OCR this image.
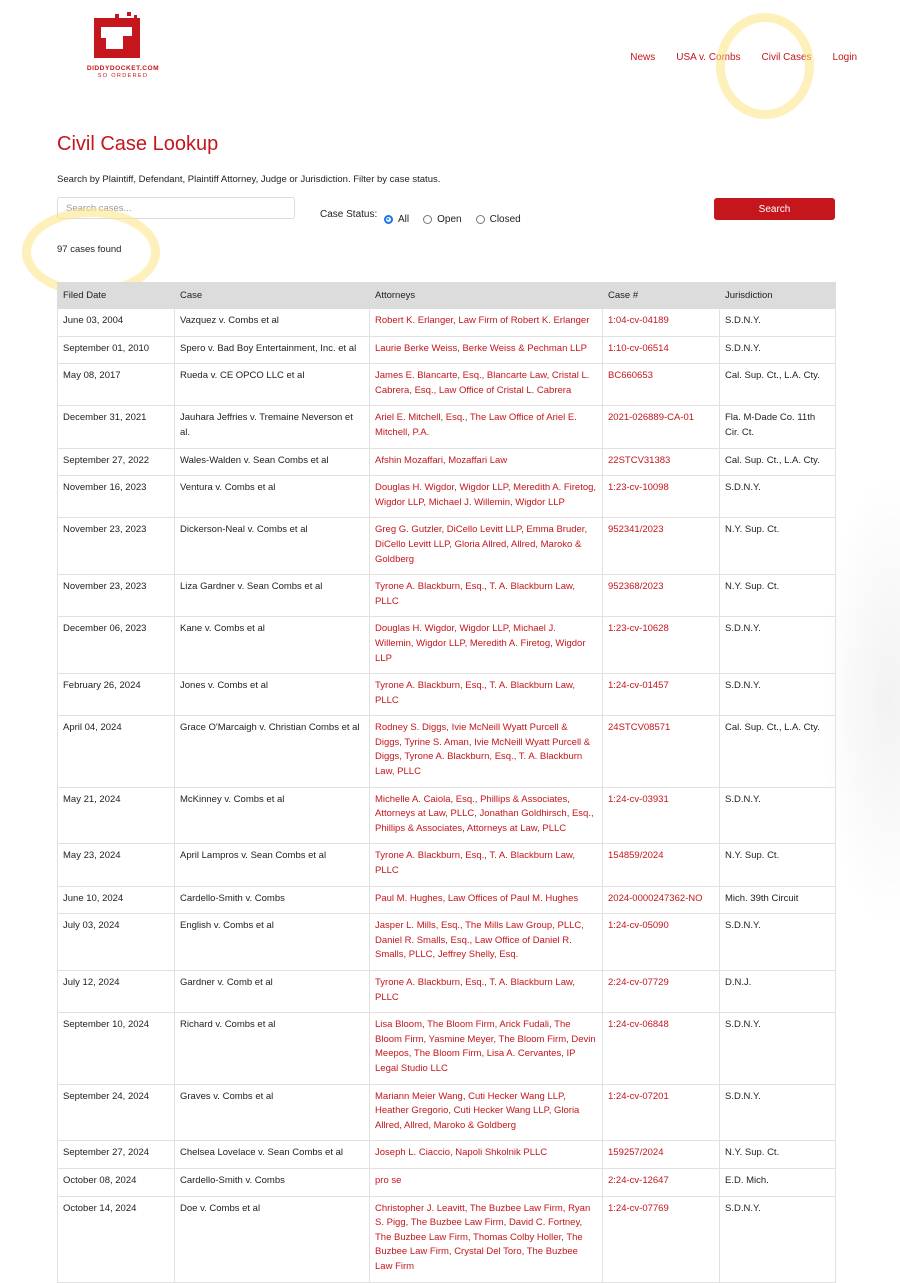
DIDDYDOCKET.COM
SO ORDERED
News USA v. Combs Civil Cases Login
Civil Case Lookup
Search by Plaintiff, Defendant, Plaintiff Attorney, Judge or Jurisdiction. Filter by case status.
Search cases...
Case Status: All	Open	Closed
Search
97 cases found
Filed Date	Case	Attorneys	Case #	Jurisdiction
June 03, 2004	Vazquez v. Combs et al	Robert K. Erlanger, Law Firm of Robert K. Erlanger	1:04-cv-04189	S.D.N.Y.
September 01, 2010	Spero v. Bad Boy Entertainment, Inc. et al	Laurie Berke Weiss, Berke Weiss & Pechman LLP	1:10-cv-06514	S.D.N.Y.
May 08, 2017	Rueda v. CE OPCO LLC et al	James E. Blancarte, Esq., Blancarte Law, Cristal L. Cabrera, Esq., Law Office of Cristal L. Cabrera	BC660653	Cal. Sup. Ct., L.A. Cty.
December 31, 2021	Jauhara Jeffries v. Tremaine Neverson et al.	Ariel E. Mitchell, Esq., The Law Office of Ariel E. Mitchell, P.A.	2021-026889-CA-01	Fla. M-Dade Co. 11th Cir. Ct.
September 27, 2022	Wales-Walden v. Sean Combs et al	Afshin Mozaffari, Mozaffari Law	22STCV31383	Cal. Sup. Ct., L.A. Cty.
November 16, 2023	Ventura v. Combs et al	Douglas H. Wigdor, Wigdor LLP, Meredith A. Firetog, Wigdor LLP, Michael J. Willemin, Wigdor LLP	1:23-cv-10098	S.D.N.Y.
November 23, 2023	Dickerson-Neal v. Combs et al	Greg G. Gutzler, DiCello Levitt LLP, Emma Bruder, DiCello Levitt LLP, Gloria Allred, Allred, Maroko & Goldberg	952341/2023	N.Y. Sup. Ct.
November 23, 2023	Liza Gardner v. Sean Combs et al	Tyrone A. Blackburn, Esq., T. A. Blackburn Law, PLLC	952368/2023	N.Y. Sup. Ct.
December 06, 2023	Kane v. Combs et al	Douglas H. Wigdor, Wigdor LLP, Michael J. Willemin, Wigdor LLP, Meredith A. Firetog, Wigdor LLP	1:23-cv-10628	S.D.N.Y.
February 26, 2024	Jones v. Combs et al	Tyrone A. Blackburn, Esq., T. A. Blackburn Law, PLLC	1:24-cv-01457	S.D.N.Y.
April 04, 2024	Grace O'Marcaigh v. Christian Combs et al	Rodney S. Diggs, Ivie McNeill Wyatt Purcell & Diggs, Tyrine S. Aman, Ivie McNeill Wyatt Purcell & Diggs, Tyrone A. Blackburn, Esq., T. A. Blackburn Law, PLLC	24STCV08571	Cal. Sup. Ct., L.A. Cty.
May 21, 2024	McKinney v. Combs et al	Michelle A. Caiola, Esq., Phillips & Associates, Attorneys at Law, PLLC, Jonathan Goldhirsch, Esq., Phillips & Associates, Attorneys at Law, PLLC	1:24-cv-03931	S.D.N.Y.
May 23, 2024	April Lampros v. Sean Combs et al	Tyrone A. Blackburn, Esq., T. A. Blackburn Law, PLLC	154859/2024	N.Y. Sup. Ct.
June 10, 2024	Cardello-Smith v. Combs	Paul M. Hughes, Law Offices of Paul M. Hughes	2024-0000247362-NO	Mich. 39th Circuit
July 03, 2024	English v. Combs et al	Jasper L. Mills, Esq., The Mills Law Group, PLLC, Daniel R. Smalls, Esq., Law Office of Daniel R. Smalls, PLLC, Jeffrey Shelly, Esq.	1:24-cv-05090	S.D.N.Y.
July 12, 2024	Gardner v. Comb et al	Tyrone A. Blackburn, Esq., T. A. Blackburn Law, PLLC	2:24-cv-07729	D.N.J.
September 10, 2024	Richard v. Combs et al	Lisa Bloom, The Bloom Firm, Arick Fudali, The Bloom Firm, Yasmine Meyer, The Bloom Firm, Devin Meepos, The Bloom Firm, Lisa A. Cervantes, IP Legal Studio LLC	1:24-cv-06848	S.D.N.Y.
September 24, 2024	Graves v. Combs et al	Mariann Meier Wang, Cuti Hecker Wang LLP, Heather Gregorio, Cuti Hecker Wang LLP, Gloria Allred, Allred, Maroko & Goldberg	1:24-cv-07201	S.D.N.Y.
September 27, 2024	Chelsea Lovelace v. Sean Combs et al	Joseph L. Ciaccio, Napoli Shkolnik PLLC	159257/2024	N.Y. Sup. Ct.
October 08, 2024	Cardello-Smith v. Combs	pro se	2:24-cv-12647	E.D. Mich.
October 14, 2024	Doe v. Combs et al	Christopher J. Leavitt, The Buzbee Law Firm, Ryan S. Pigg, The Buzbee Law Firm, David C. Fortney, The Buzbee Law Firm, Thomas Colby Holler, The Buzbee Law Firm, Crystal Del Toro, The Buzbee Law Firm	1:24-cv-07769	S.D.N.Y.
